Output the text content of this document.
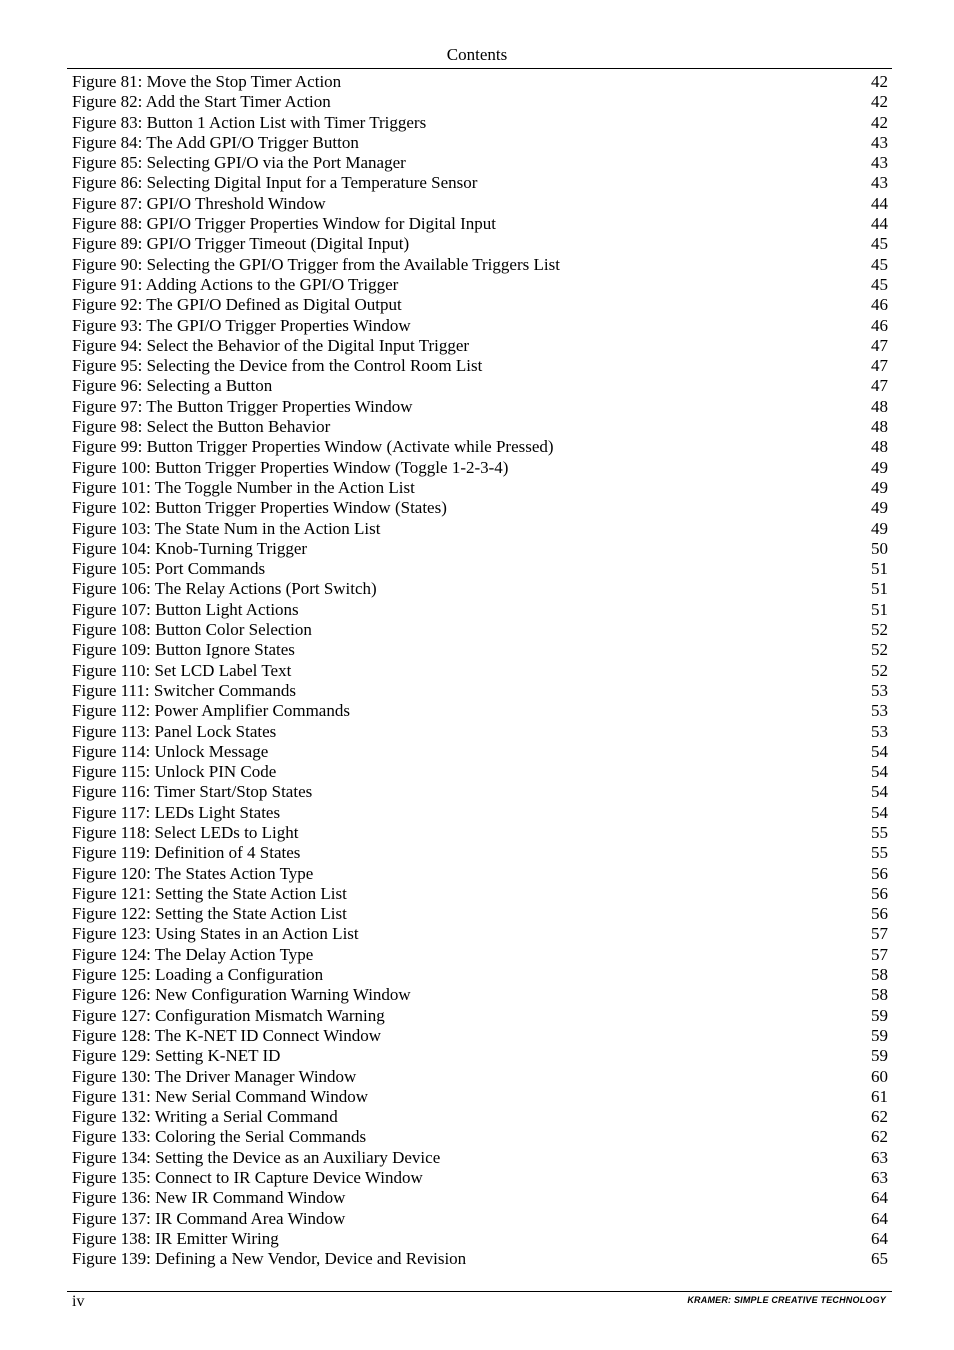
Contents
Figure 81: Move the Stop Timer Action	42
Figure 82: Add the Start Timer Action	42
Figure 83: Button 1 Action List with Timer Triggers	42
Figure 84: The Add GPI/O Trigger Button	43
Figure 85: Selecting GPI/O via the Port Manager	43
Figure 86: Selecting Digital Input for a Temperature Sensor	43
Figure 87: GPI/O Threshold Window	44
Figure 88: GPI/O Trigger Properties Window for Digital Input	44
Figure 89: GPI/O Trigger Timeout (Digital Input)	45
Figure 90: Selecting the GPI/O Trigger from the Available Triggers List	45
Figure 91: Adding Actions to the GPI/O Trigger	45
Figure 92: The GPI/O Defined as Digital Output	46
Figure 93: The GPI/O Trigger Properties Window	46
Figure 94: Select the Behavior of the Digital Input Trigger	47
Figure 95: Selecting the Device from the Control Room List	47
Figure 96: Selecting a Button	47
Figure 97: The Button Trigger Properties Window	48
Figure 98: Select the Button Behavior	48
Figure 99: Button Trigger Properties Window (Activate while Pressed)	48
Figure 100: Button Trigger Properties Window (Toggle 1-2-3-4)	49
Figure 101: The Toggle Number in the Action List	49
Figure 102: Button Trigger Properties Window (States)	49
Figure 103: The State Num in the Action List	49
Figure 104: Knob-Turning Trigger	50
Figure 105: Port Commands	51
Figure 106: The Relay Actions (Port Switch)	51
Figure 107: Button Light Actions	51
Figure 108: Button Color Selection	52
Figure 109: Button Ignore States	52
Figure 110: Set LCD Label Text	52
Figure 111: Switcher Commands	53
Figure 112: Power Amplifier Commands	53
Figure 113: Panel Lock States	53
Figure 114: Unlock Message	54
Figure 115: Unlock PIN Code	54
Figure 116: Timer Start/Stop States	54
Figure 117: LEDs Light States	54
Figure 118: Select LEDs to Light	55
Figure 119: Definition of 4 States	55
Figure 120: The States Action Type	56
Figure 121: Setting the State Action List	56
Figure 122: Setting the State Action List	56
Figure 123: Using States in an Action List	57
Figure 124: The Delay Action Type	57
Figure 125: Loading a Configuration	58
Figure 126: New Configuration Warning Window	58
Figure 127: Configuration Mismatch Warning	59
Figure 128: The K-NET ID Connect Window	59
Figure 129: Setting K-NET ID	59
Figure 130: The Driver Manager Window	60
Figure 131: New Serial Command Window	61
Figure 132: Writing a Serial Command	62
Figure 133: Coloring the Serial Commands	62
Figure 134: Setting the Device as an Auxiliary Device	63
Figure 135: Connect to IR Capture Device Window	63
Figure 136: New IR Command Window	64
Figure 137: IR Command Area Window	64
Figure 138: IR Emitter Wiring	64
Figure 139: Defining a New Vendor, Device and Revision	65
iv	KRAMER: SIMPLE CREATIVE TECHNOLOGY
